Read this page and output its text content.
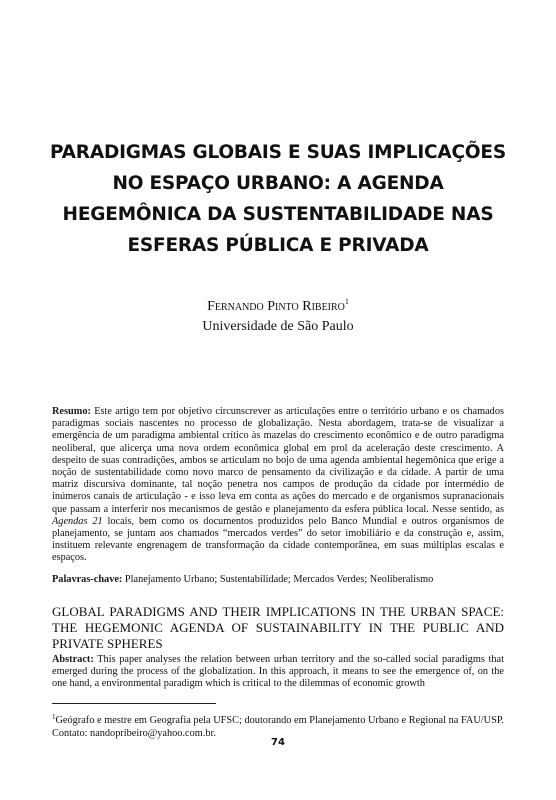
PARADIGMAS GLOBAIS E SUAS IMPLICAÇÕES NO ESPAÇO URBANO: A AGENDA HEGEMÔNICA DA SUSTENTABILIDADE NAS ESFERAS PÚBLICA E PRIVADA
Fernando Pinto Ribeiro$^1$
Universidade de São Paulo

Resumo: Este artigo tem por objetivo circunscrever as articulações entre o território urbano e os chamados paradigmas sociais nascentes no processo de globalização. Nesta abordagem, trata-se de visualizar a emergência de um paradigma ambiental crítico às mazelas do crescimento econômico e de outro paradigma neoliberal, que alicerça uma nova ordem econômica global em prol da aceleração deste crescimento. A despeito de suas contradições, ambos se articulam no bojo de uma agenda ambiental hegemônica que erige a noção de sustentabilidade como novo marco de pensamento da civilização e da cidade. A partir de uma matriz discursiva dominante, tal noção penetra nos campos de produção da cidade por intermédio de inúmeros canais de articulação - e isso leva em conta as ações do mercado e de organismos supranacionais que passam a interferir nos mecanismos de gestão e planejamento da esfera pública local. Nesse sentido, as Agendas 21 locais, bem como os documentos produzidos pelo Banco Mundial e outros organismos de planejamento, se juntam aos chamados “mercados verdes” do setor imobiliário e da construção e, assim, instituem relevante engrenagem de transformação da cidade contemporânea, em suas múltiplas escalas e espaços.

Palavras-chave: Planejamento Urbano; Sustentabilidade; Mercados Verdes; Neoliberalismo

GLOBAL PARADIGMS AND THEIR IMPLICATIONS IN THE URBAN SPACE: THE HEGEMONIC AGENDA OF SUSTAINABILITY IN THE PUBLIC AND PRIVATE SPHERES

Abstract: This paper analyses the relation between urban territory and the so-called social paradigms that emerged during the process of the globalization. In this approach, it means to see the emergence of, on the one hand, a environmental paradigm which is critical to the dilemmas of economic growth

$^1$Geógrafo e mestre em Geografia pela UFSC; doutorando em Planejamento Urbano e Regional na FAU/USP. Contato: nandopribeiro@yahoo.com.br.

74
